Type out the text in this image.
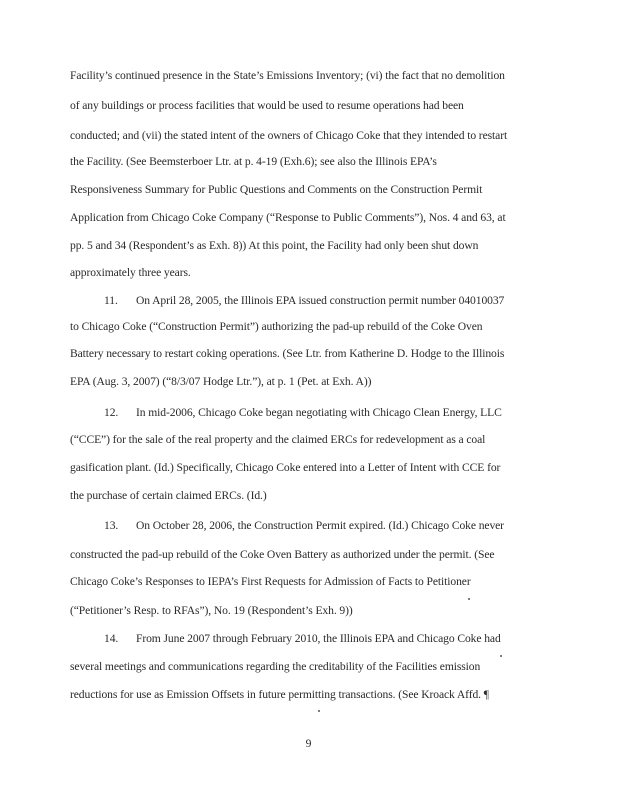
Facility’s continued presence in the State’s Emissions Inventory; (vi) the fact that no demolition

of any buildings or process facilities that would be used to resume operations had been

conducted; and (vii) the stated intent of the owners of Chicago Coke that they intended to restart

the Facility. (See Beemsterboer Ltr. at p. 4-19 (Exh.6); see also the Illinois EPA’s

Responsiveness Summary for Public Questions and Comments on the Construction Permit

Application from Chicago Coke Company (“Response to Public Comments”), Nos. 4 and 63, at

pp. 5 and 34 (Respondent’s as Exh. 8)) At this point, the Facility had only been shut down

approximately three years.

11. On April 28, 2005, the Illinois EPA issued construction permit number 04010037

to Chicago Coke (“Construction Permit”) authorizing the pad-up rebuild of the Coke Oven

Battery necessary to restart coking operations. (See Ltr. from Katherine D. Hodge to the Illinois

EPA (Aug. 3, 2007) (“8/3/07 Hodge Ltr.”), at p. 1 (Pet. at Exh. A))

12. In mid-2006, Chicago Coke began negotiating with Chicago Clean Energy, LLC

(“CCE”) for the sale of the real property and the claimed ERCs for redevelopment as a coal

gasification plant. (Id.) Specifically, Chicago Coke entered into a Letter of Intent with CCE for

the purchase of certain claimed ERCs. (Id.)

13. On October 28, 2006, the Construction Permit expired. (Id.) Chicago Coke never

constructed the pad-up rebuild of the Coke Oven Battery as authorized under the permit. (See

Chicago Coke’s Responses to IEPA’s First Requests for Admission of Facts to Petitioner

(“Petitioner’s Resp. to RFAs”), No. 19 (Respondent’s Exh. 9))

14. From June 2007 through February 2010, the Illinois EPA and Chicago Coke had

several meetings and communications regarding the creditability of the Facilities emission

reductions for use as Emission Offsets in future permitting transactions. (See Kroack Affd. ¶

9
